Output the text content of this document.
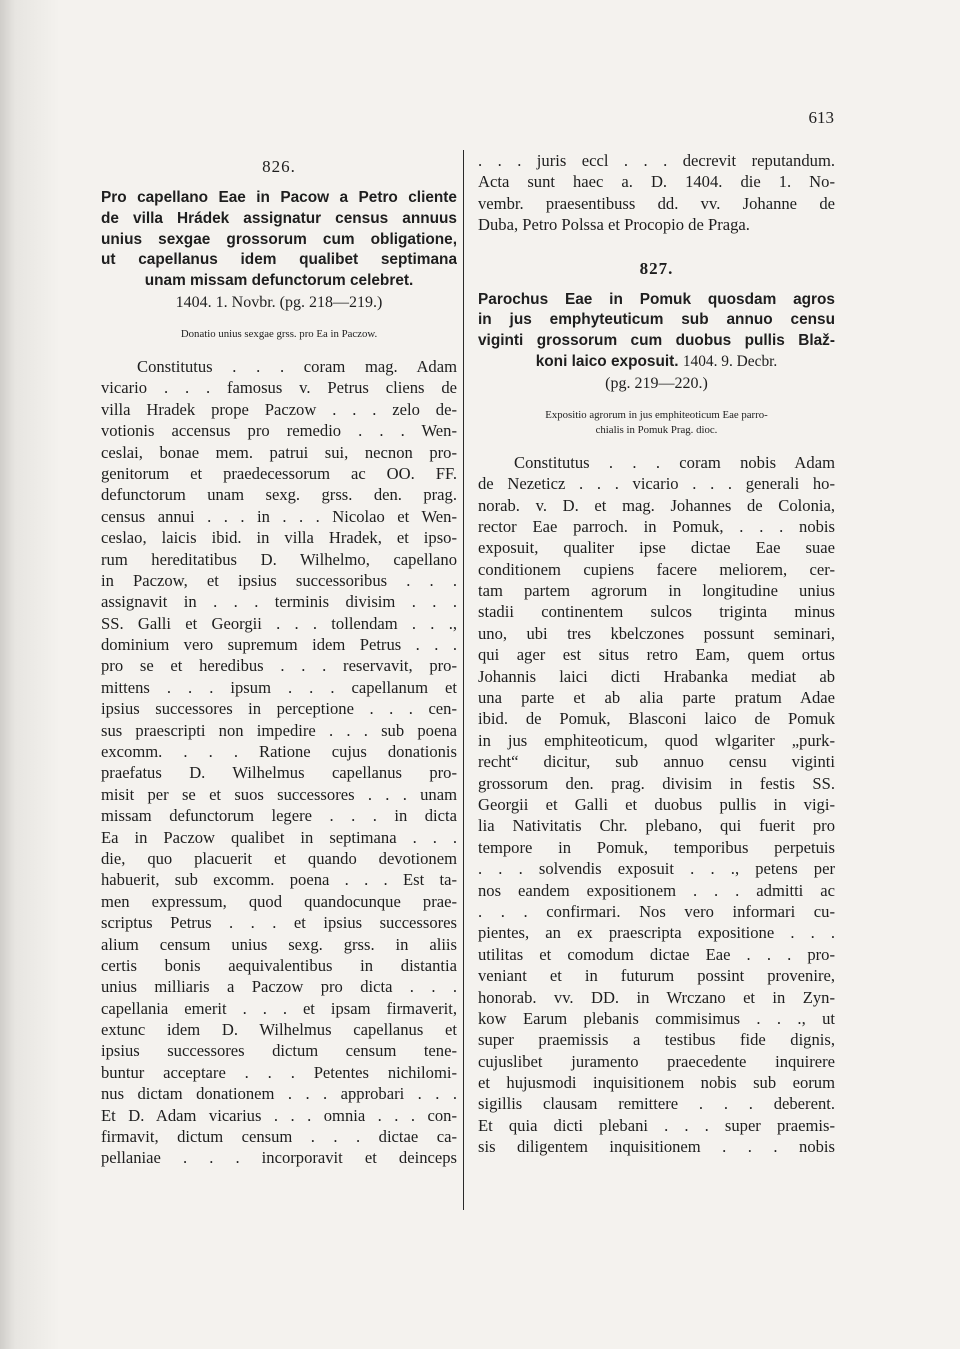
613
826.
Pro capellano Eae in Pacow a Petro cliente
de villa Hrádek assignatur census annuus
unius sexgae grossorum cum obligatione,
ut capellanus idem qualibet septimana
unam missam defunctorum celebret.
1404. 1. Novbr. (pg. 218—219.)
Donatio unius sexgae grss. pro Ea in Paczow.
Constitutus . . . coram mag. Adam
vicario . . . famosus v. Petrus cliens de
villa Hradek prope Paczow . . . zelo de-
votionis accensus pro remedio . . . Wen-
ceslai, bonae mem. patrui sui, necnon pro-
genitorum et praedecessorum ac OO. FF.
defunctorum unam sexg. grss. den. prag.
census annui . . . in . . . Nicolao et Wen-
ceslao, laicis ibid. in villa Hradek, et ipso-
rum hereditatibus D. Wilhelmo, capellano
in Paczow, et ipsius successoribus . . .
assignavit in . . . terminis divisim . . .
SS. Galli et Georgii . . . tollendam . . .,
dominium vero supremum idem Petrus . . .
pro se et heredibus . . . reservavit, pro-
mittens . . . ipsum . . . capellanum et
ipsius successores in perceptione . . . cen-
sus praescripti non impedire . . . sub poena
excomm. . . . Ratione cujus donationis
praefatus D. Wilhelmus capellanus pro-
misit per se et suos successores . . . unam
missam defunctorum legere . . . in dicta
Ea in Paczow qualibet in septimana . . .
die, quo placuerit et quando devotionem
habuerit, sub excomm. poena . . . Est ta-
men expressum, quod quandocunque prae-
scriptus Petrus . . . et ipsius successores
alium censum unius sexg. grss. in aliis
certis bonis aequivalentibus in distantia
unius milliaris a Paczow pro dicta . . .
capellania emerit . . . et ipsam firmaverit,
extunc idem D. Wilhelmus capellanus et
ipsius successores dictum censum tene-
buntur acceptare . . . Petentes nichilomi-
nus dictam donationem . . . approbari . . .
Et D. Adam vicarius . . . omnia . . . con-
firmavit, dictum censum . . . dictae ca-
pellaniae . . . incorporavit et deinceps
. . . juris eccl . . . decrevit reputandum.
Acta sunt haec a. D. 1404. die 1. No-
vembr. praesentibuss dd. vv. Johanne de
Duba, Petro Polssa et Procopio de Praga.
827.
Parochus Eae in Pomuk quosdam agros
in jus emphyteuticum sub annuo censu
viginti grossorum cum duobus pullis Blaž-
koni laico exposuit. 1404. 9. Decbr.
(pg. 219—220.)
Expositio agrorum in jus emphiteoticum Eae parro-
chialis in Pomuk Prag. dioc.
Constitutus . . . coram nobis Adam
de Nezeticz . . . vicario . . . generali ho-
norab. v. D. et mag. Johannes de Colonia,
rector Eae parroch. in Pomuk, . . . nobis
exposuit, qualiter ipse dictae Eae suae
conditionem cupiens facere meliorem, cer-
tam partem agrorum in longitudine unius
stadii continentem sulcos triginta minus
uno, ubi tres kbelczones possunt seminari,
qui ager est situs retro Eam, quem ortus
Johannis laici dicti Hrabanka mediat ab
una parte et ab alia parte pratum Adae
ibid. de Pomuk, Blasconi laico de Pomuk
in jus emphiteoticum, quod wlgariter „purk-
recht“ dicitur, sub annuo censu viginti
grossorum den. prag. divisim in festis SS.
Georgii et Galli et duobus pullis in vigi-
lia Nativitatis Chr. plebano, qui fuerit pro
tempore in Pomuk, temporibus perpetuis
. . . solvendis exposuit . . ., petens per
nos eandem expositionem . . . admitti ac
. . . confirmari. Nos vero informari cu-
pientes, an ex praescripta expositione . . .
utilitas et comodum dictae Eae . . . pro-
veniant et in futurum possint provenire,
honorab. vv. DD. in Wrczano et in Zyn-
kow Earum plebanis commisimus . . ., ut
super praemissis a testibus fide dignis,
cujuslibet juramento praecedente inquirere
et hujusmodi inquisitionem nobis sub eorum
sigillis clausam remittere . . . deberent.
Et quia dicti plebani . . . super praemis-
sis diligentem inquisitionem . . . nobis
